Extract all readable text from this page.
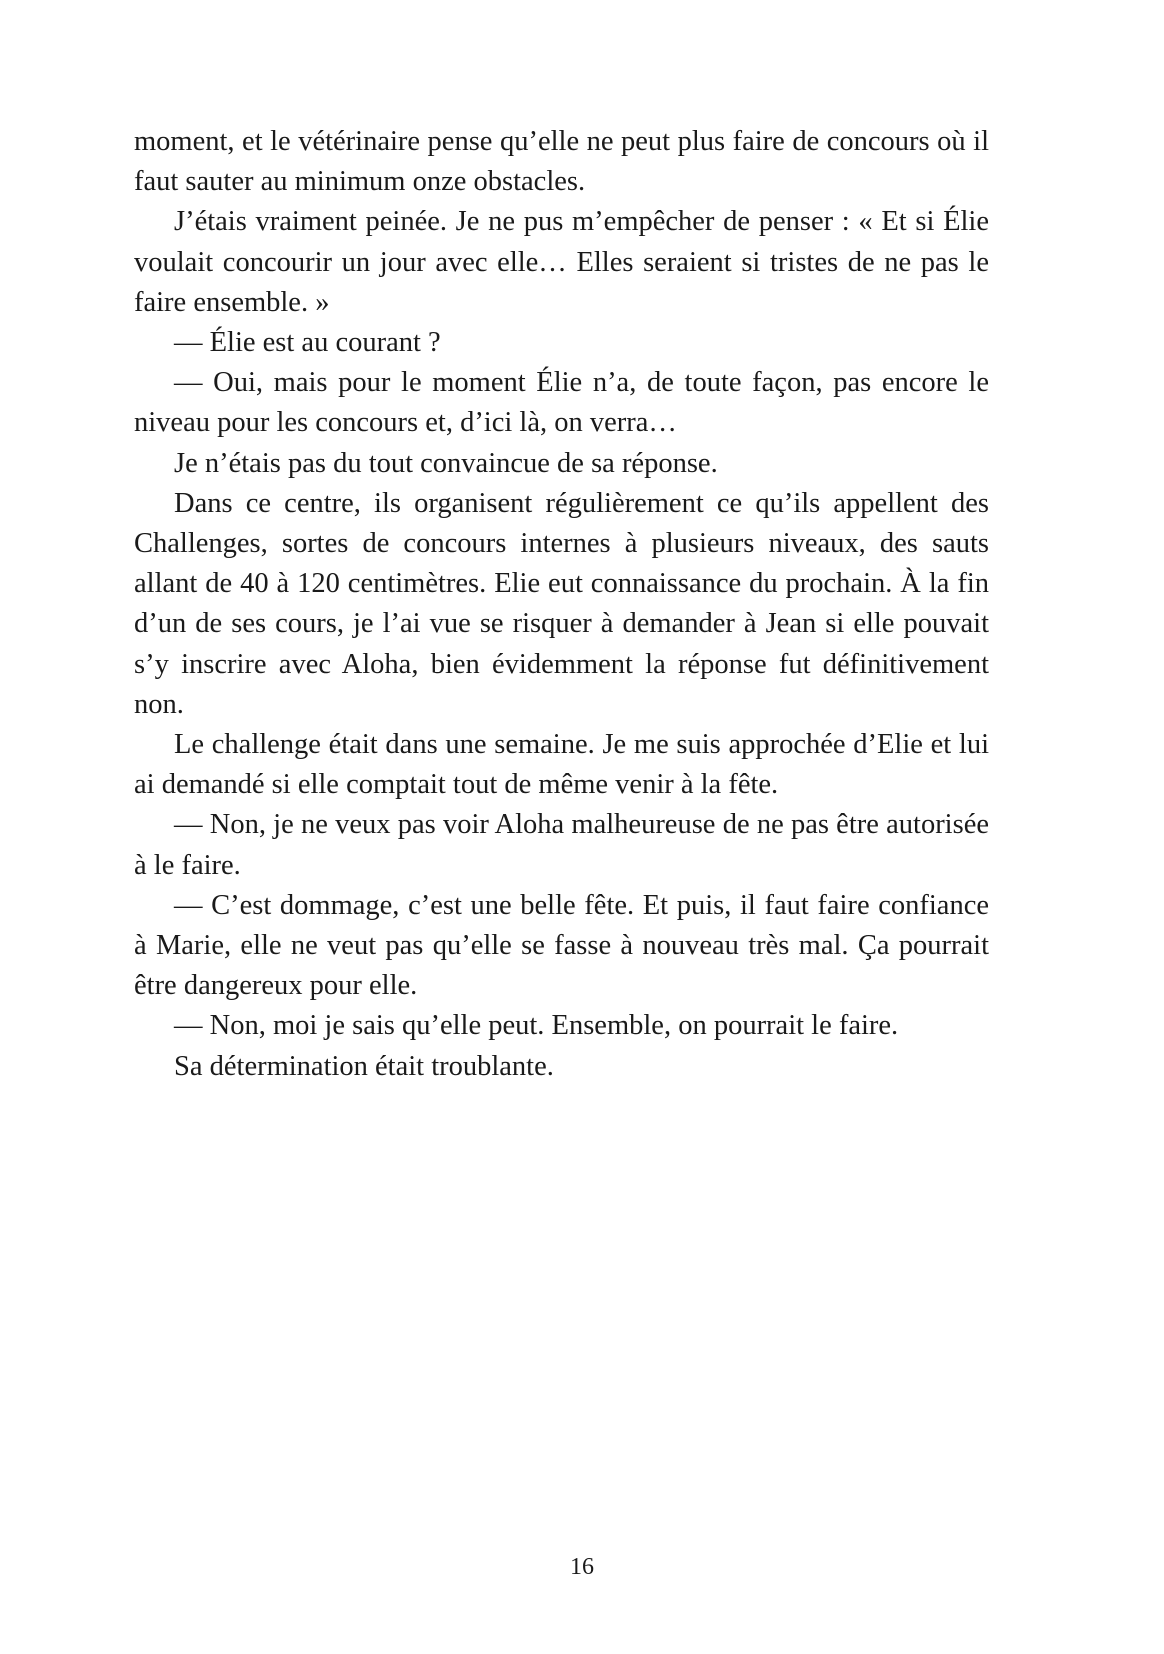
moment, et le vétérinaire pense qu’elle ne peut plus faire de concours où il faut sauter au minimum onze obstacles.

J’étais vraiment peinée. Je ne pus m’empêcher de penser : « Et si Élie voulait concourir un jour avec elle… Elles seraient si tristes de ne pas le faire ensemble. »

— Élie est au courant ?

— Oui, mais pour le moment Élie n’a, de toute façon, pas encore le niveau pour les concours et, d’ici là, on verra…

Je n’étais pas du tout convaincue de sa réponse.

Dans ce centre, ils organisent régulièrement ce qu’ils appellent des Challenges, sortes de concours internes à plusieurs niveaux, des sauts allant de 40 à 120 centimètres. Elie eut connaissance du prochain. À la fin d’un de ses cours, je l’ai vue se risquer à demander à Jean si elle pouvait s’y inscrire avec Aloha, bien évidemment la réponse fut définitivement non.

Le challenge était dans une semaine. Je me suis approchée d’Elie et lui ai demandé si elle comptait tout de même venir à la fête.

— Non, je ne veux pas voir Aloha malheureuse de ne pas être autorisée à le faire.

— C’est dommage, c’est une belle fête. Et puis, il faut faire confiance à Marie, elle ne veut pas qu’elle se fasse à nouveau très mal. Ça pourrait être dangereux pour elle.

— Non, moi je sais qu’elle peut. Ensemble, on pourrait le faire.

Sa détermination était troublante.

16
